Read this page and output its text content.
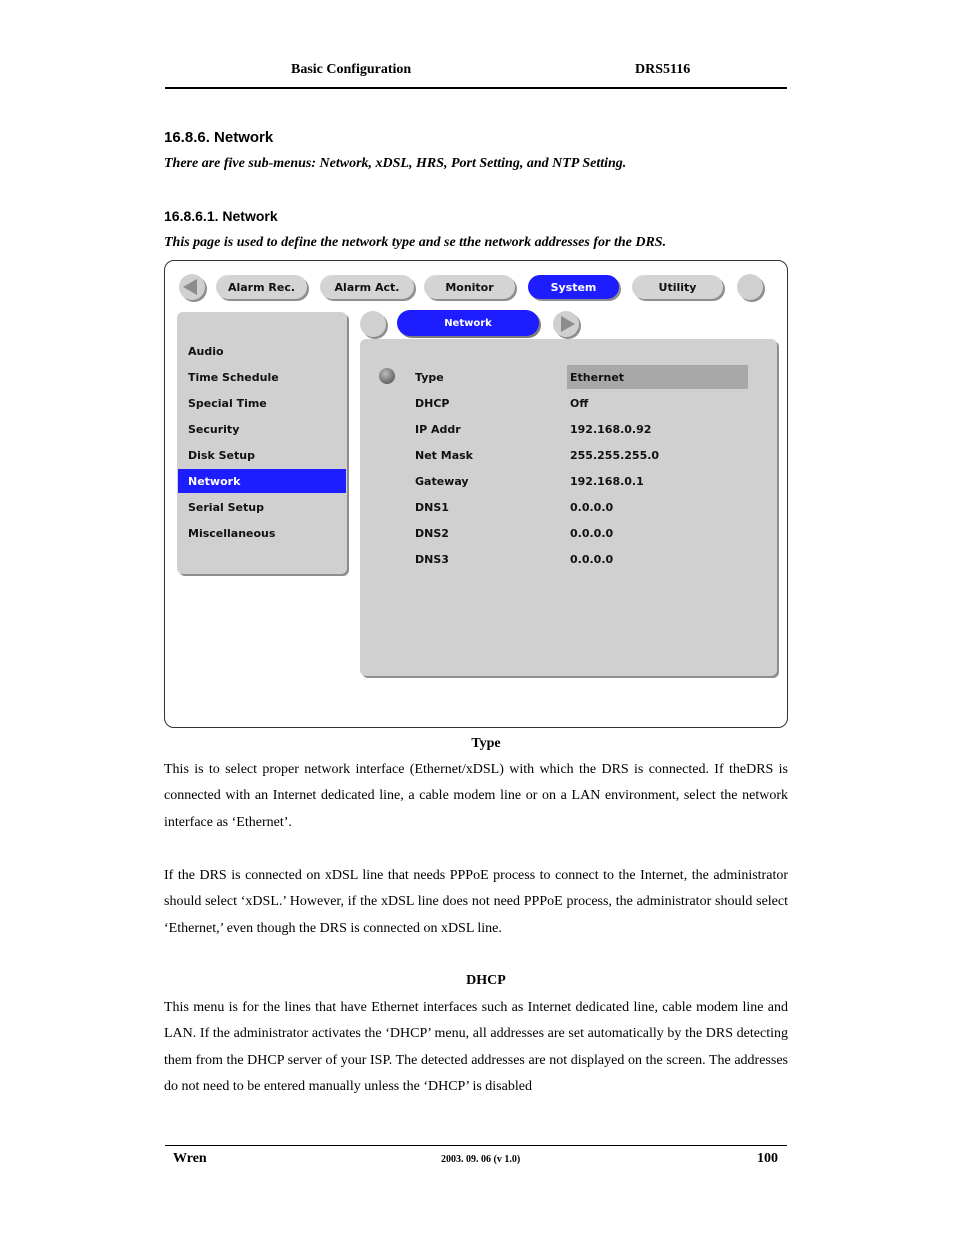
Basic Configuration	DRS5116
16.8.6. Network
There are five sub-menus: Network, xDSL, HRS, Port Setting, and NTP Setting.
16.8.6.1. Network
This page is used to define the network type and se tthe network addresses for the DRS.
Alarm Rec.	Alarm Act.	Monitor	System	Utility
Network
Audio
Time Schedule
Special Time
Security
Disk Setup
Network
Serial Setup
Miscellaneous
Type	Ethernet
DHCP	Off
IP Addr	192.168.0.92
Net Mask	255.255.255.0
Gateway	192.168.0.1
DNS1	0.0.0.0
DNS2	0.0.0.0
DNS3	0.0.0.0
Type
This is to select proper network interface (Ethernet/xDSL) with which the DRS is connected. If theDRS is connected with an Internet dedicated line, a cable modem line or on a LAN environment, select the network interface as ‘Ethernet’.
If the DRS is connected on xDSL line that needs PPPoE process to connect to the Internet, the administrator should select ‘xDSL.’ However, if the xDSL line does not need PPPoE process, the administrator should select ‘Ethernet,’ even though the DRS is connected on xDSL line.
DHCP
This menu is for the lines that have Ethernet interfaces such as Internet dedicated line, cable modem line and LAN. If the administrator activates the ‘DHCP’ menu, all addresses are set automatically by the DRS detecting them from the DHCP server of your ISP. The detected addresses are not displayed on the screen. The addresses do not need to be entered manually unless the ‘DHCP’ is disabled
Wren	2003. 09. 06 (v 1.0)	100
